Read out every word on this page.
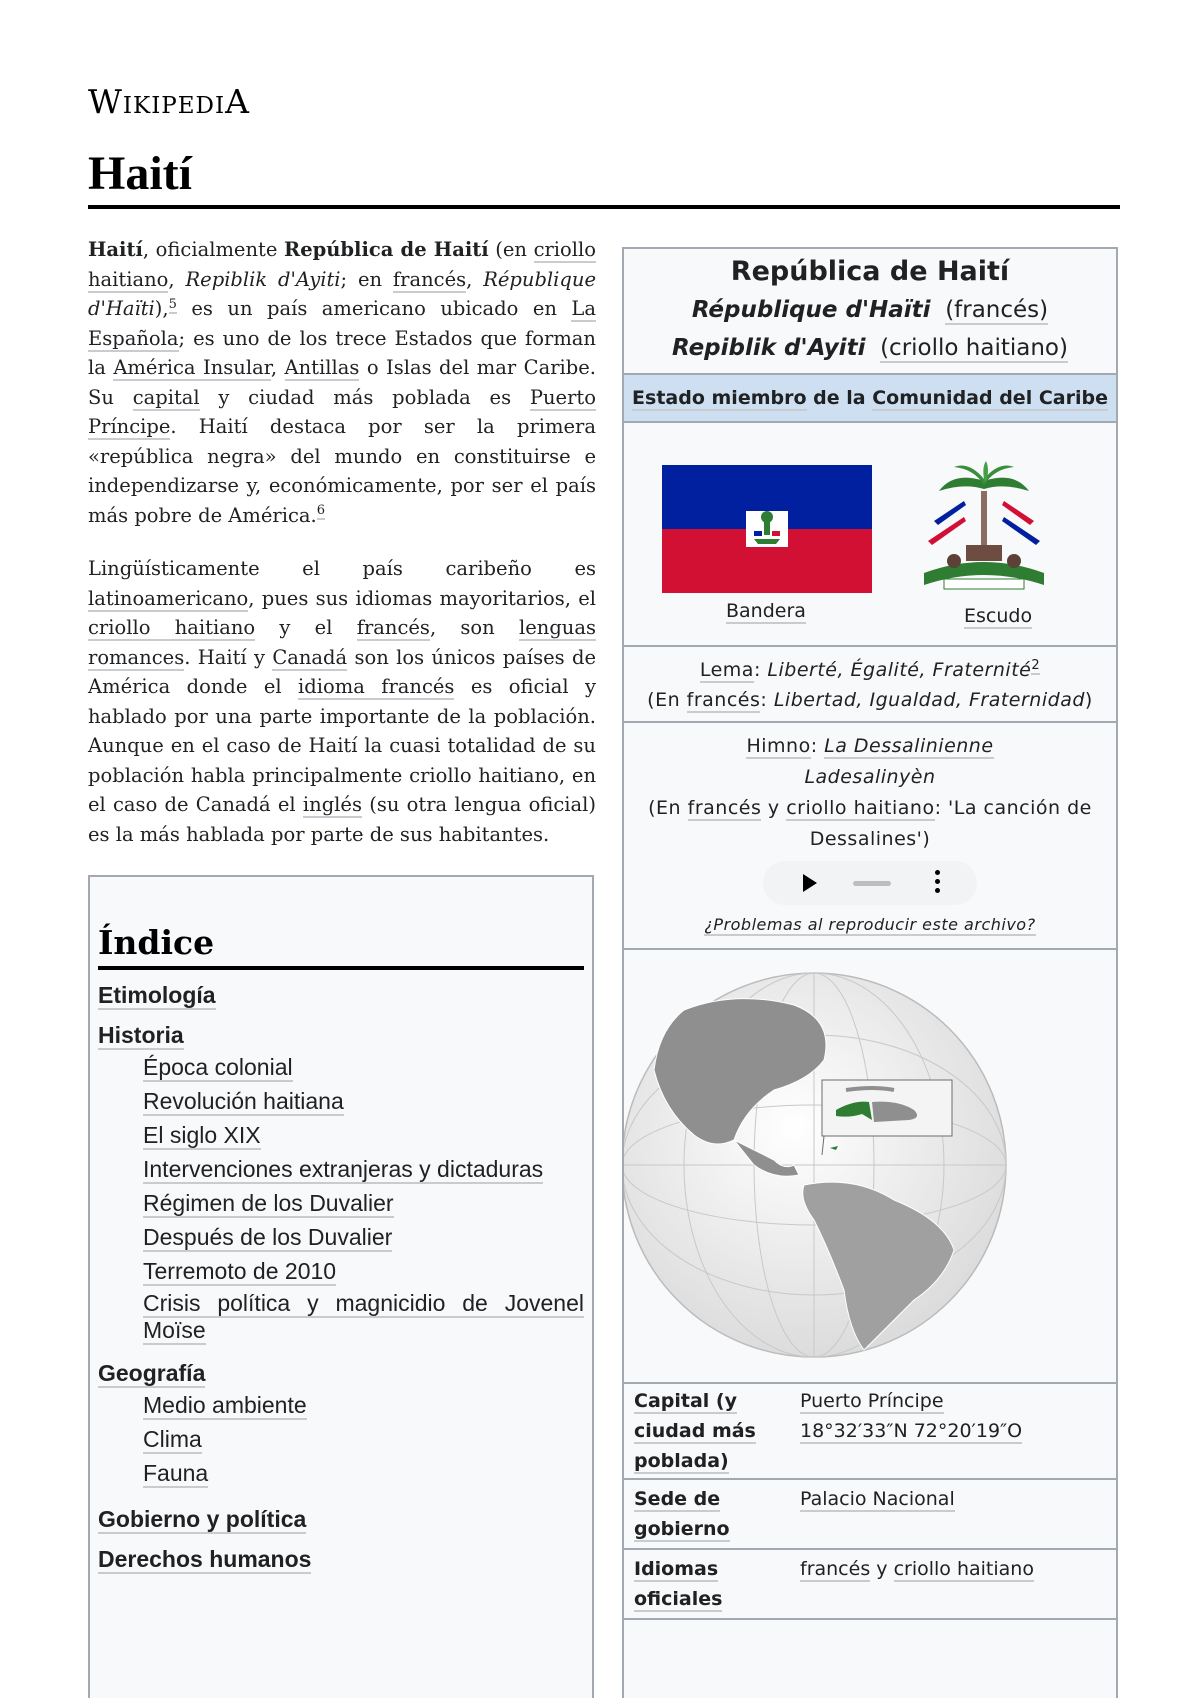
WikipediA
Haití

Haití, oficialmente República de Haití (en criollo haitiano, Repiblik d'Ayiti; en francés, République d'Haïti),$^5$ es un país americano ubicado en La Española; es uno de los trece Estados que forman la América Insular, Antillas o Islas del mar Caribe. Su capital y ciudad más poblada es Puerto Príncipe. Haití destaca por ser la primera «república negra» del mundo en constituirse e independizarse y, económicamente, por ser el país más pobre de América.$^6$

Lingüísticamente el país caribeño es latinoamericano, pues sus idiomas mayoritarios, el criollo haitiano y el francés, son lenguas romances. Haití y Canadá son los únicos países de América donde el idioma francés es oficial y hablado por una parte importante de la población. Aunque en el caso de Haití la cuasi totalidad de su población habla principalmente criollo haitiano, en el caso de Canadá el inglés (su otra lengua oficial) es la más hablada por parte de sus habitantes.

Índice
Etimología
Historia
Época colonial
Revolución haitiana
El siglo XIX
Intervenciones extranjeras y dictaduras
Régimen de los Duvalier
Después de los Duvalier
Terremoto de 2010
Crisis política y magnicidio de Jovenel Moïse
Geografía
Medio ambiente
Clima
Fauna
Gobierno y política
Derechos humanos
República de Haití
République d'Haïti (francés)
Repiblik d'Ayiti (criollo haitiano)
Estado miembro de la Comunidad del Caribe
Bandera	Escudo
Lema: Liberté, Égalité, Fraternité$^2$
(En francés: Libertad, Igualdad, Fraternidad)
Himno: La Dessalinienne
Ladesalinyèn
(En francés y criollo haitiano: 'La canción de Dessalines')
¿Problemas al reproducir este archivo?
Capital (y ciudad más poblada)
Puerto Príncipe
18°32′33″N 72°20′19″O
Sede de gobierno
Palacio Nacional
Idiomas oficiales
francés y criollo haitiano
